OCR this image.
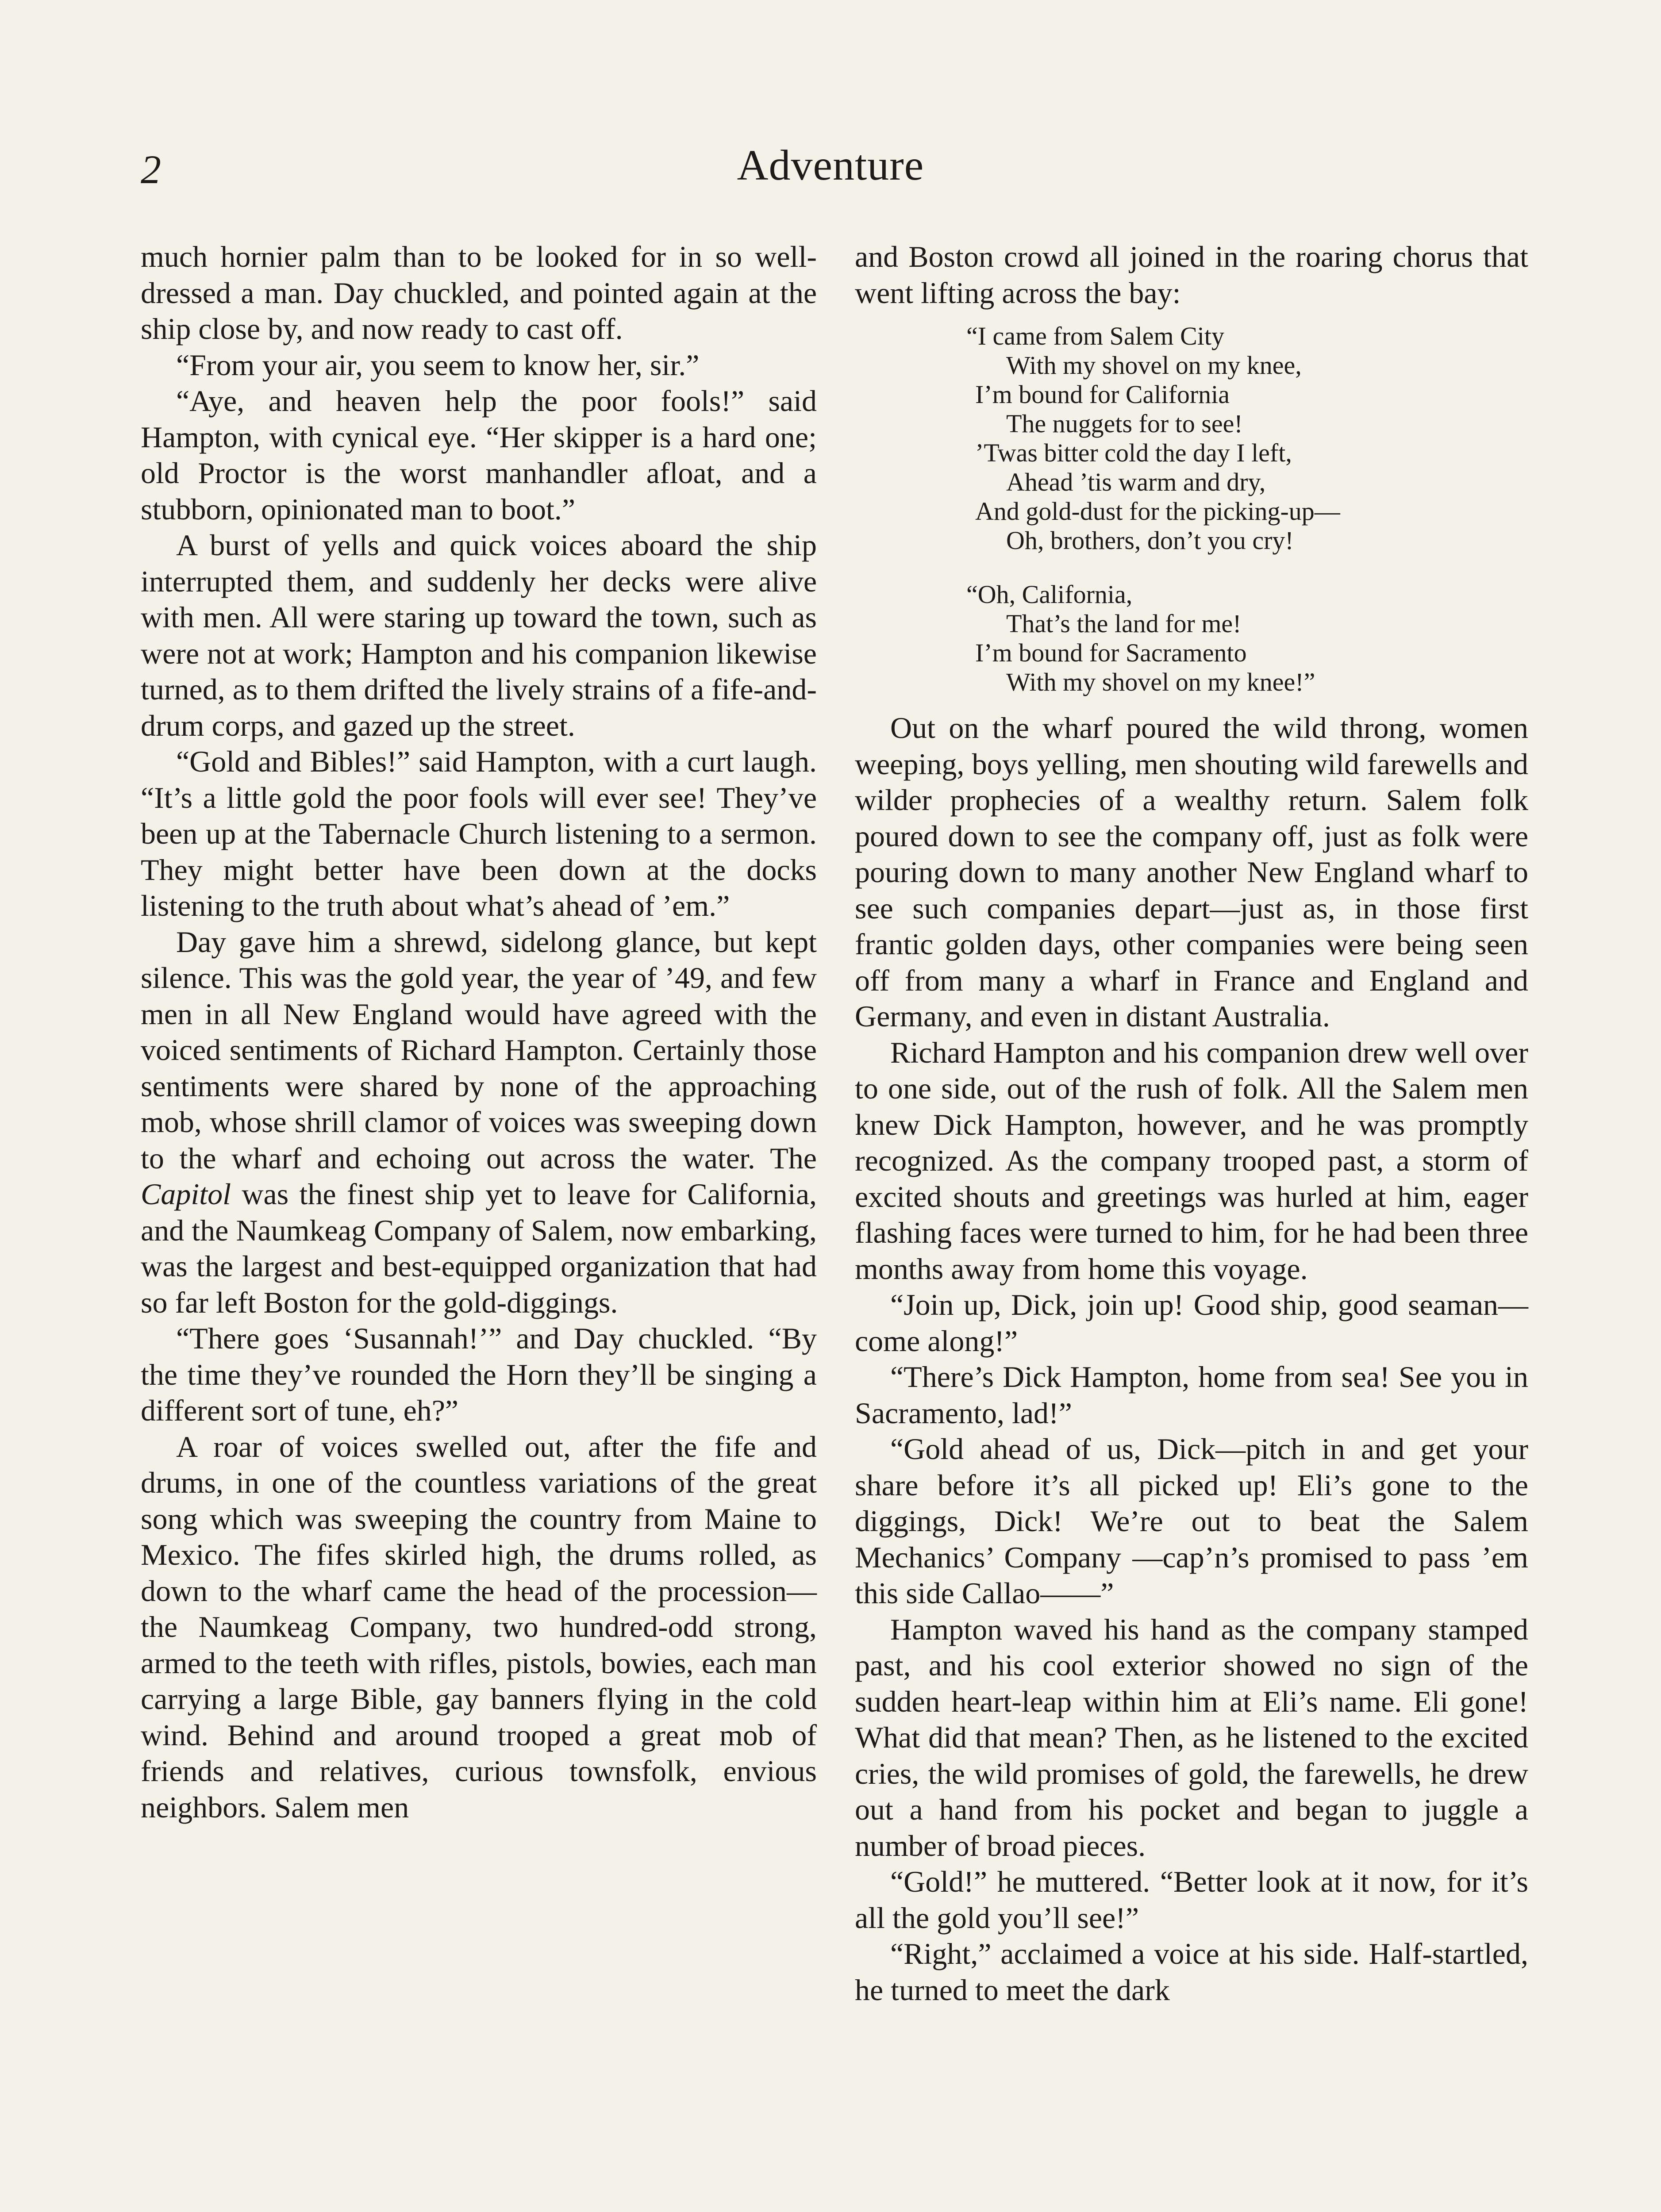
2	Adventure

much hornier palm than to be looked for in so well-dressed a man. Day chuckled, and pointed again at the ship close by, and now ready to cast off.

“From your air, you seem to know her, sir.”

“Aye, and heaven help the poor fools!” said Hampton, with cynical eye. “Her skipper is a hard one; old Proctor is the worst manhandler afloat, and a stubborn, opinionated man to boot.”

A burst of yells and quick voices aboard the ship interrupted them, and suddenly her decks were alive with men. All were staring up toward the town, such as were not at work; Hampton and his companion likewise turned, as to them drifted the lively strains of a fife-and-drum corps, and gazed up the street.

“Gold and Bibles!” said Hampton, with a curt laugh. “It’s a little gold the poor fools will ever see! They’ve been up at the Tabernacle Church listening to a sermon. They might better have been down at the docks listening to the truth about what’s ahead of ’em.”

Day gave him a shrewd, sidelong glance, but kept silence. This was the gold year, the year of ’49, and few men in all New England would have agreed with the voiced sentiments of Richard Hampton. Certainly those sentiments were shared by none of the approaching mob, whose shrill clamor of voices was sweeping down to the wharf and echoing out across the water. The Capitol was the finest ship yet to leave for California, and the Naumkeag Company of Salem, now embarking, was the largest and best-equipped organization that had so far left Boston for the gold-diggings.

“There goes ‘Susannah!’” and Day chuckled. “By the time they’ve rounded the Horn they’ll be singing a different sort of tune, eh?”

A roar of voices swelled out, after the fife and drums, in one of the countless variations of the great song which was sweeping the country from Maine to Mexico. The fifes skirled high, the drums rolled, as down to the wharf came the head of the procession—the Naumkeag Company, two hundred-odd strong, armed to the teeth with rifles, pistols, bowies, each man carrying a large Bible, gay banners flying in the cold wind. Behind and around trooped a great mob of friends and relatives, curious townsfolk, envious neighbors. Salem men

and Boston crowd all joined in the roaring chorus that went lifting across the bay:

“I came from Salem City
With my shovel on my knee,
I’m bound for California
The nuggets for to see!
’Twas bitter cold the day I left,
Ahead ’tis warm and dry,
And gold-dust for the picking-up—
Oh, brothers, don’t you cry!
“Oh, California,
That’s the land for me!
I’m bound for Sacramento
With my shovel on my knee!”

Out on the wharf poured the wild throng, women weeping, boys yelling, men shouting wild farewells and wilder prophecies of a wealthy return. Salem folk poured down to see the company off, just as folk were pouring down to many another New England wharf to see such companies depart—just as, in those first frantic golden days, other companies were being seen off from many a wharf in France and England and Germany, and even in distant Australia.

Richard Hampton and his companion drew well over to one side, out of the rush of folk. All the Salem men knew Dick Hampton, however, and he was promptly recognized. As the company trooped past, a storm of excited shouts and greetings was hurled at him, eager flashing faces were turned to him, for he had been three months away from home this voyage.

“Join up, Dick, join up! Good ship, good seaman—come along!”

“There’s Dick Hampton, home from sea! See you in Sacramento, lad!”

“Gold ahead of us, Dick—pitch in and get your share before it’s all picked up! Eli’s gone to the diggings, Dick! We’re out to beat the Salem Mechanics’ Company —cap’n’s promised to pass ’em this side Callao——”

Hampton waved his hand as the company stamped past, and his cool exterior showed no sign of the sudden heart-leap within him at Eli’s name. Eli gone! What did that mean? Then, as he listened to the excited cries, the wild promises of gold, the farewells, he drew out a hand from his pocket and began to juggle a number of broad pieces.

“Gold!” he muttered. “Better look at it now, for it’s all the gold you’ll see!”

“Right,” acclaimed a voice at his side. Half-startled, he turned to meet the dark
